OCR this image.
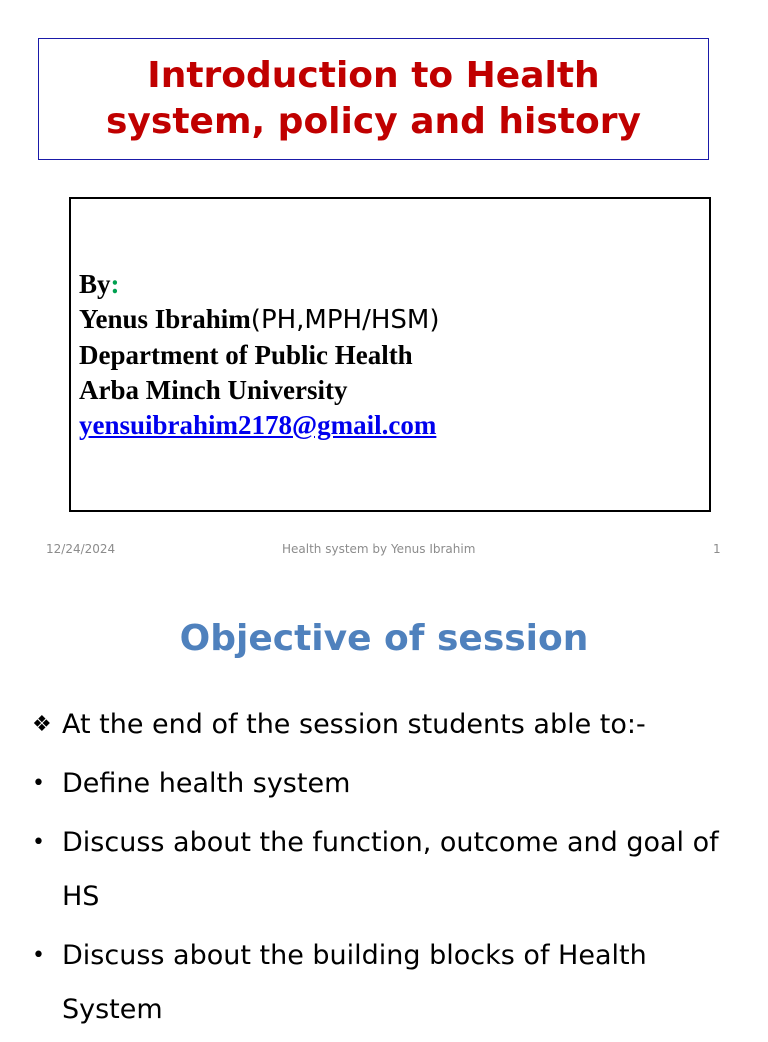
Introduction to Health
system, policy and history
By:
Yenus Ibrahim(PH,MPH/HSM)
Department of Public Health
Arba Minch University
yensuibrahim2178@gmail.com
12/24/2024	Health system by Yenus Ibrahim	1
Objective of session
❖ At the end of the session students able to:-
• Define health system
• Discuss about the function, outcome and goal of HS
• Discuss about the building blocks of Health System
